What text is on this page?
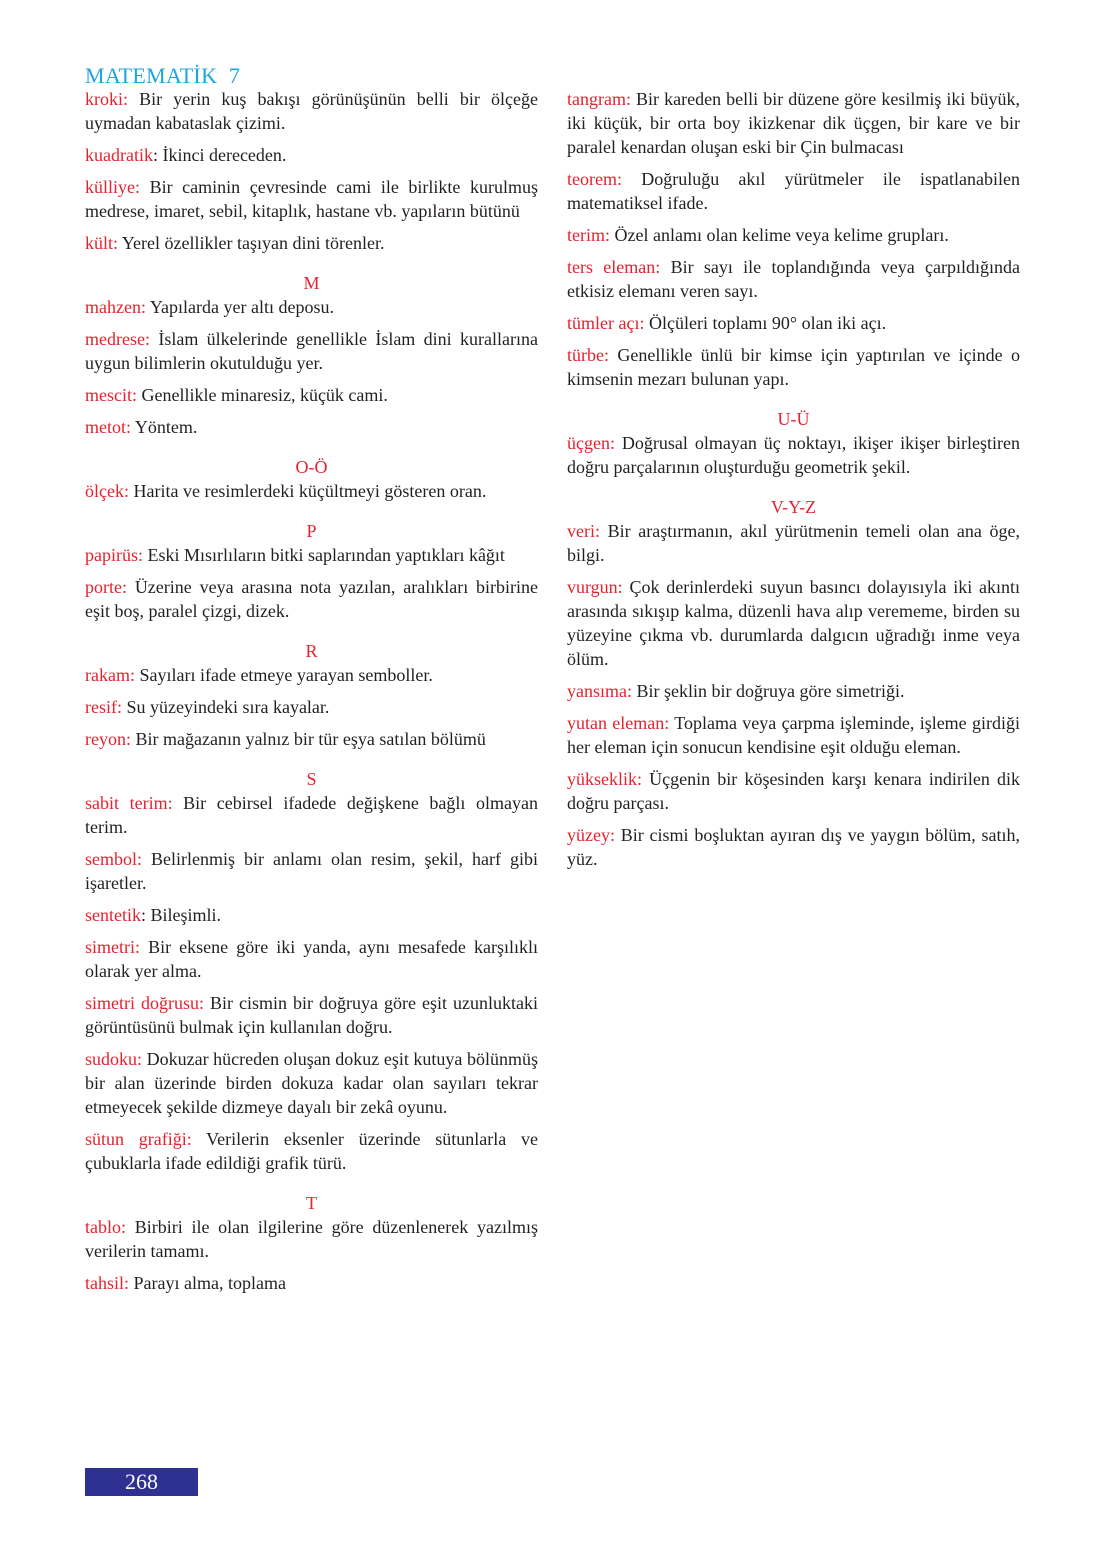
MATEMATİK  7
kroki: Bir yerin kuş bakışı görünüşünün belli bir ölçeğe uymadan kabataslak çizimi.
kuadratik: İkinci dereceden.
külliye: Bir caminin çevresinde cami ile birlikte kurulmuş medrese, imaret, sebil, kitaplık, hastane vb. yapıların bütünü
kült: Yerel özellikler taşıyan dini törenler.
M
mahzen: Yapılarda yer altı deposu.
medrese: İslam ülkelerinde genellikle İslam dini kurallarına uygun bilimlerin okutulduğu yer.
mescit: Genellikle minaresiz, küçük cami.
metot: Yöntem.
O-Ö
ölçek: Harita ve resimlerdeki küçültmeyi gösteren oran.
P
papirüs: Eski Mısırlıların bitki saplarından yaptıkları kâğıt
porte: Üzerine veya arasına nota yazılan, aralıkları birbirine eşit boş, paralel çizgi, dizek.
R
rakam: Sayıları ifade etmeye yarayan semboller.
resif: Su yüzeyindeki sıra kayalar.
reyon: Bir mağazanın yalnız bir tür eşya satılan bölümü
S
sabit terim: Bir cebirsel ifadede değişkene bağlı olmayan terim.
sembol: Belirlenmiş bir anlamı olan resim, şekil, harf gibi işaretler.
sentetik: Bileşimli.
simetri: Bir eksene göre iki yanda, aynı mesafede karşılıklı olarak yer alma.
simetri doğrusu: Bir cismin bir doğruya göre eşit uzunluktaki görüntüsünü bulmak için kullanılan doğru.
sudoku: Dokuzar hücreden oluşan dokuz eşit kutuya bölünmüş bir alan üzerinde birden dokuza kadar olan sayıları tekrar etmeyecek şekilde dizmeye dayalı bir zekâ oyunu.
sütun grafiği: Verilerin eksenler üzerinde sütunlarla ve çubuklarla ifade edildiği grafik türü.
T
tablo: Birbiri ile olan ilgilerine göre düzenlenerek yazılmış verilerin tamamı.
tahsil: Parayı alma, toplama
tangram: Bir kareden belli bir düzene göre kesilmiş iki büyük, iki küçük, bir orta boy ikizkenar dik üçgen, bir kare ve bir paralel kenardan oluşan eski bir Çin bulmacası
teorem: Doğruluğu akıl yürütmeler ile ispatlanabilen matematiksel ifade.
terim: Özel anlamı olan kelime veya kelime grupları.
ters eleman: Bir sayı ile toplandığında veya çarpıldığında etkisiz elemanı veren sayı.
tümler açı: Ölçüleri toplamı 90° olan iki açı.
türbe: Genellikle ünlü bir kimse için yaptırılan ve içinde o kimsenin mezarı bulunan yapı.
U-Ü
üçgen: Doğrusal olmayan üç noktayı, ikişer ikişer birleştiren doğru parçalarının oluşturduğu geometrik şekil.
V-Y-Z
veri: Bir araştırmanın, akıl yürütmenin temeli olan ana öge, bilgi.
vurgun: Çok derinlerdeki suyun basıncı dolayısıyla iki akıntı arasında sıkışıp kalma, düzenli hava alıp verememe, birden su yüzeyine çıkma vb. durumlarda dalgıcın uğradığı inme veya ölüm.
yansıma: Bir şeklin bir doğruya göre simetriği.
yutan eleman: Toplama veya çarpma işleminde, işleme girdiği her eleman için sonucun kendisine eşit olduğu eleman.
yükseklik: Üçgenin bir köşesinden karşı kenara indirilen dik doğru parçası.
yüzey: Bir cismi boşluktan ayıran dış ve yaygın bölüm, satıh, yüz.
268
